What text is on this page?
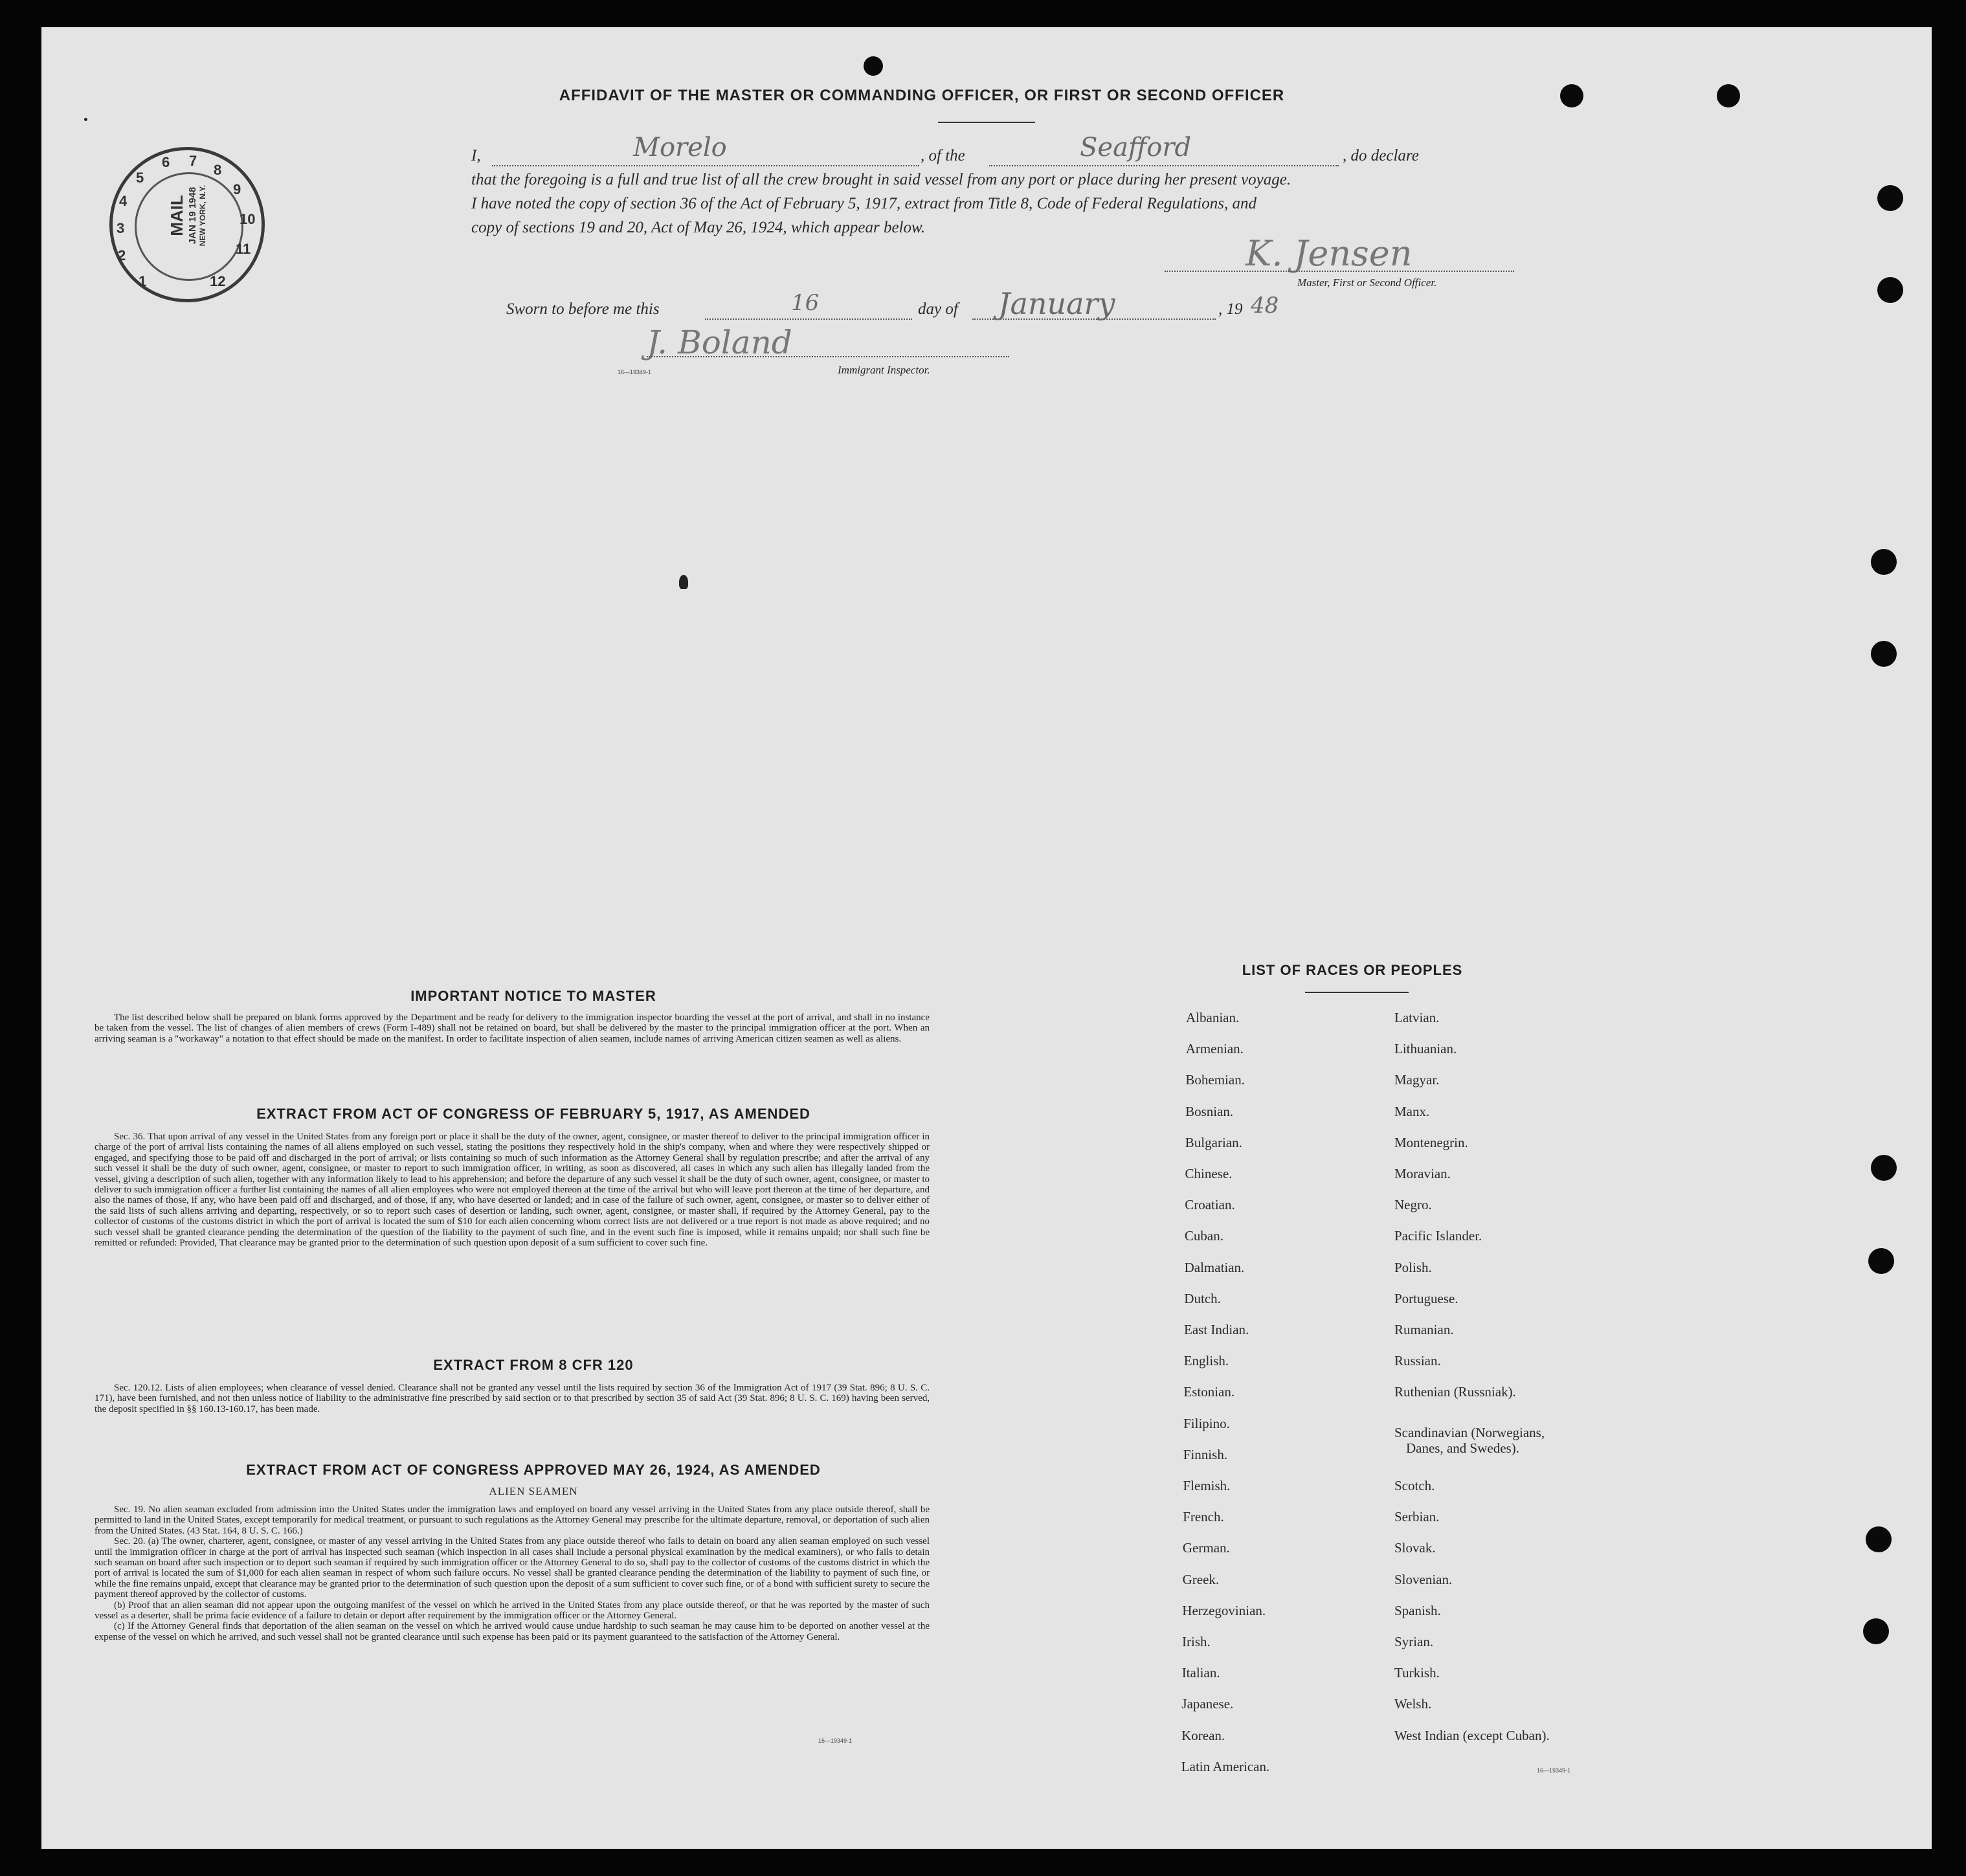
AFFIDAVIT OF THE MASTER OR COMMANDING OFFICER, OR FIRST OR SECOND OFFICER
I,	Morelo	, of the	Seafford	, do declare
that the foregoing is a full and true list of all the crew brought in said vessel from any port or place during her present voyage.
I have noted the copy of section 36 of the Act of February 5, 1917, extract from Title 8, Code of Federal Regulations, and
copy of sections 19 and 20, Act of May 26, 1924, which appear below.
K. Jensen
Master, First or Second Officer.
Sworn to before me this	16	day of January	, 19 48
J. Boland
16—19349-1	Immigrant Inspector.
1
2
3
4
5
6 7
8
9
10
11
12
MAIL JAN 19 1948 NEW YORK, N.Y.
IMPORTANT NOTICE TO MASTER

The list described below shall be prepared on blank forms approved by the Department and be ready for delivery to the immigration inspector boarding the vessel at the port of arrival, and shall in no instance be taken from the vessel. The list of changes of alien members of crews (Form I-489) shall not be retained on board, but shall be delivered by the master to the principal immigration officer at the port. When an arriving seaman is a "workaway" a notation to that effect should be made on the manifest. In order to facilitate inspection of alien seamen, include names of arriving American citizen seamen as well as aliens.

EXTRACT FROM ACT OF CONGRESS OF FEBRUARY 5, 1917, AS AMENDED

Sec. 36. That upon arrival of any vessel in the United States from any foreign port or place it shall be the duty of the owner, agent, consignee, or master thereof to deliver to the principal immigration officer in charge of the port of arrival lists containing the names of all aliens employed on such vessel, stating the positions they respectively hold in the ship's company, when and where they were respectively shipped or engaged, and specifying those to be paid off and discharged in the port of arrival; or lists containing so much of such information as the Attorney General shall by regulation prescribe; and after the arrival of any such vessel it shall be the duty of such owner, agent, consignee, or master to report to such immigration officer, in writing, as soon as discovered, all cases in which any such alien has illegally landed from the vessel, giving a description of such alien, together with any information likely to lead to his apprehension; and before the departure of any such vessel it shall be the duty of such owner, agent, consignee, or master to deliver to such immigration officer a further list containing the names of all alien employees who were not employed thereon at the time of the arrival but who will leave port thereon at the time of her departure, and also the names of those, if any, who have been paid off and discharged, and of those, if any, who have deserted or landed; and in case of the failure of such owner, agent, consignee, or master so to deliver either of the said lists of such aliens arriving and departing, respectively, or so to report such cases of desertion or landing, such owner, agent, consignee, or master shall, if required by the Attorney General, pay to the collector of customs of the customs district in which the port of arrival is located the sum of $10 for each alien concerning whom correct lists are not delivered or a true report is not made as above required; and no such vessel shall be granted clearance pending the determination of the question of the liability to the payment of such fine, and in the event such fine is imposed, while it remains unpaid; nor shall such fine be remitted or refunded: Provided, That clearance may be granted prior to the determination of such question upon deposit of a sum sufficient to cover such fine.

EXTRACT FROM 8 CFR 120

Sec. 120.12. Lists of alien employees; when clearance of vessel denied. Clearance shall not be granted any vessel until the lists required by section 36 of the Immigration Act of 1917 (39 Stat. 896; 8 U. S. C. 171), have been furnished, and not then unless notice of liability to the administrative fine prescribed by said section or to that prescribed by section 35 of said Act (39 Stat. 896; 8 U. S. C. 169) having been served, the deposit specified in §§ 160.13-160.17, has been made.

EXTRACT FROM ACT OF CONGRESS APPROVED MAY 26, 1924, AS AMENDED
ALIEN SEAMEN

Sec. 19. No alien seaman excluded from admission into the United States under the immigration laws and employed on board any vessel arriving in the United States from any place outside thereof, shall be permitted to land in the United States, except temporarily for medical treatment, or pursuant to such regulations as the Attorney General may prescribe for the ultimate departure, removal, or deportation of such alien from the United States. (43 Stat. 164, 8 U. S. C. 166.)

Sec. 20. (a) The owner, charterer, agent, consignee, or master of any vessel arriving in the United States from any place outside thereof who fails to detain on board any alien seaman employed on such vessel until the immigration officer in charge at the port of arrival has inspected such seaman (which inspection in all cases shall include a personal physical examination by the medical examiners), or who fails to detain such seaman on board after such inspection or to deport such seaman if required by such immigration officer or the Attorney General to do so, shall pay to the collector of customs of the customs district in which the port of arrival is located the sum of $1,000 for each alien seaman in respect of whom such failure occurs. No vessel shall be granted clearance pending the determination of the liability to payment of such fine, or while the fine remains unpaid, except that clearance may be granted prior to the determination of such question upon the deposit of a sum sufficient to cover such fine, or of a bond with sufficient surety to secure the payment thereof approved by the collector of customs.

(b) Proof that an alien seaman did not appear upon the outgoing manifest of the vessel on which he arrived in the United States from any place outside thereof, or that he was reported by the master of such vessel as a deserter, shall be prima facie evidence of a failure to detain or deport after requirement by the immigration officer or the Attorney General.

(c) If the Attorney General finds that deportation of the alien seaman on the vessel on which he arrived would cause undue hardship to such seaman he may cause him to be deported on another vessel at the expense of the vessel on which he arrived, and such vessel shall not be granted clearance until such expense has been paid or its payment guaranteed to the satisfaction of the Attorney General.

16—19349-1
LIST OF RACES OR PEOPLES
Albanian.
Armenian.
Bohemian.
Bosnian.
Bulgarian.
Chinese.
Croatian.
Cuban.
Dalmatian.
Dutch.
East Indian.
English.
Estonian.
Filipino.
Finnish.
Flemish.
French.
German.
Greek.
Herzegovinian.
Irish.
Italian.
Japanese.
Korean.
Latin American.
Latvian.
Lithuanian.
Magyar.
Manx.
Montenegrin.
Moravian.
Negro.
Pacific Islander.
Polish.
Portuguese.
Rumanian.
Russian.
Ruthenian (Russniak).
Scandinavian (Norwegians,
Danes, and Swedes).
Scotch.
Serbian.
Slovak.
Slovenian.
Spanish.
Syrian.
Turkish.
Welsh.
West Indian (except Cuban).
16—19349-1
